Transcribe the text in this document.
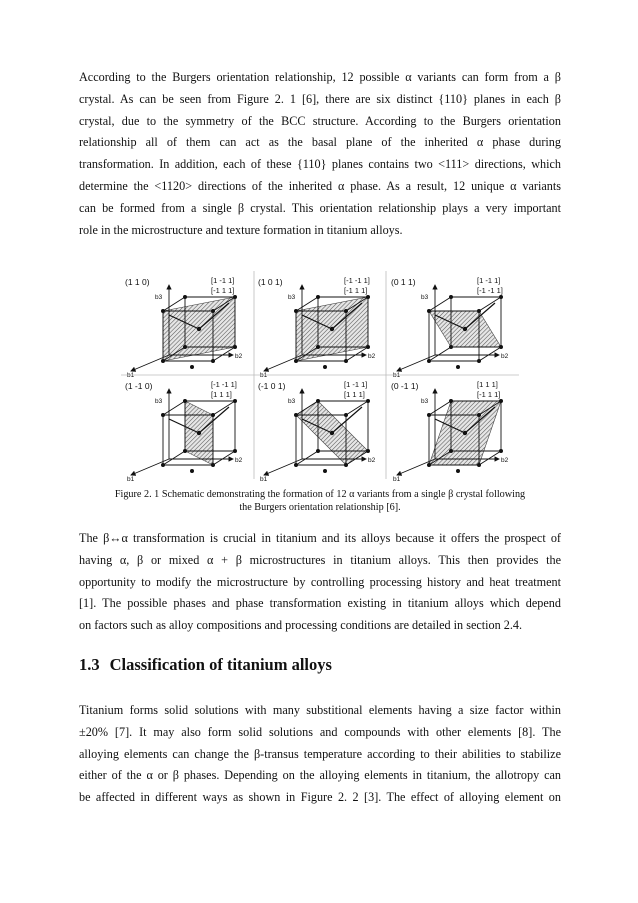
According to the Burgers orientation relationship, 12 possible α variants can form from a β
crystal. As can be seen from Figure 2. 1 [6], there are six distinct {110} planes in each β
crystal, due to the symmetry of the BCC structure. According to the Burgers orientation
relationship all of them can act as the basal plane of the inherited α phase during
transformation. In addition, each of these {110} planes contains two <111> directions, which
determine the <1120> directions of the inherited α phase. As a result, 12 unique α variants
can be formed from a single β crystal. This orientation relationship plays a very important
role in the microstructure and texture formation in titanium alloys.

(1 1 0)	[1 -1 1]
[-1 1 1]
b1
b2
b3
(1 0 1)	[-1 -1 1]
[-1 1 1]
b1
b2
b3
(0 1 1)	[1 -1 1]
[-1 -1 1]
b1
b2
b3
(1 -1 0)	[-1 -1 1]
[1 1 1]
b1
b2
b3
(-1 0 1)	[1 -1 1]
[1 1 1]
b1
b2
b3
(0 -1 1)	[1 1 1]
[-1 1 1]
b1
b2
b3

Figure 2. 1 Schematic demonstrating the formation of 12 α variants from a single β crystal following
the Burgers orientation relationship [6].

The β↔α transformation is crucial in titanium and its alloys because it offers the prospect of
having α, β or mixed α + β microstructures in titanium alloys. This then provides the
opportunity to modify the microstructure by controlling processing history and heat treatment
[1]. The possible phases and phase transformation existing in titanium alloys which depend
on factors such as alloy compositions and processing conditions are detailed in section 2.4.

1.3 Classification of titanium alloys

Titanium forms solid solutions with many substitional elements having a size factor within
±20% [7]. It may also form solid solutions and compounds with other elements [8]. The
alloying elements can change the β-transus temperature according to their abilities to stabilize
either of the α or β phases. Depending on the alloying elements in titanium, the allotropy can
be affected in different ways as shown in Figure 2. 2 [3]. The effect of alloying element on
